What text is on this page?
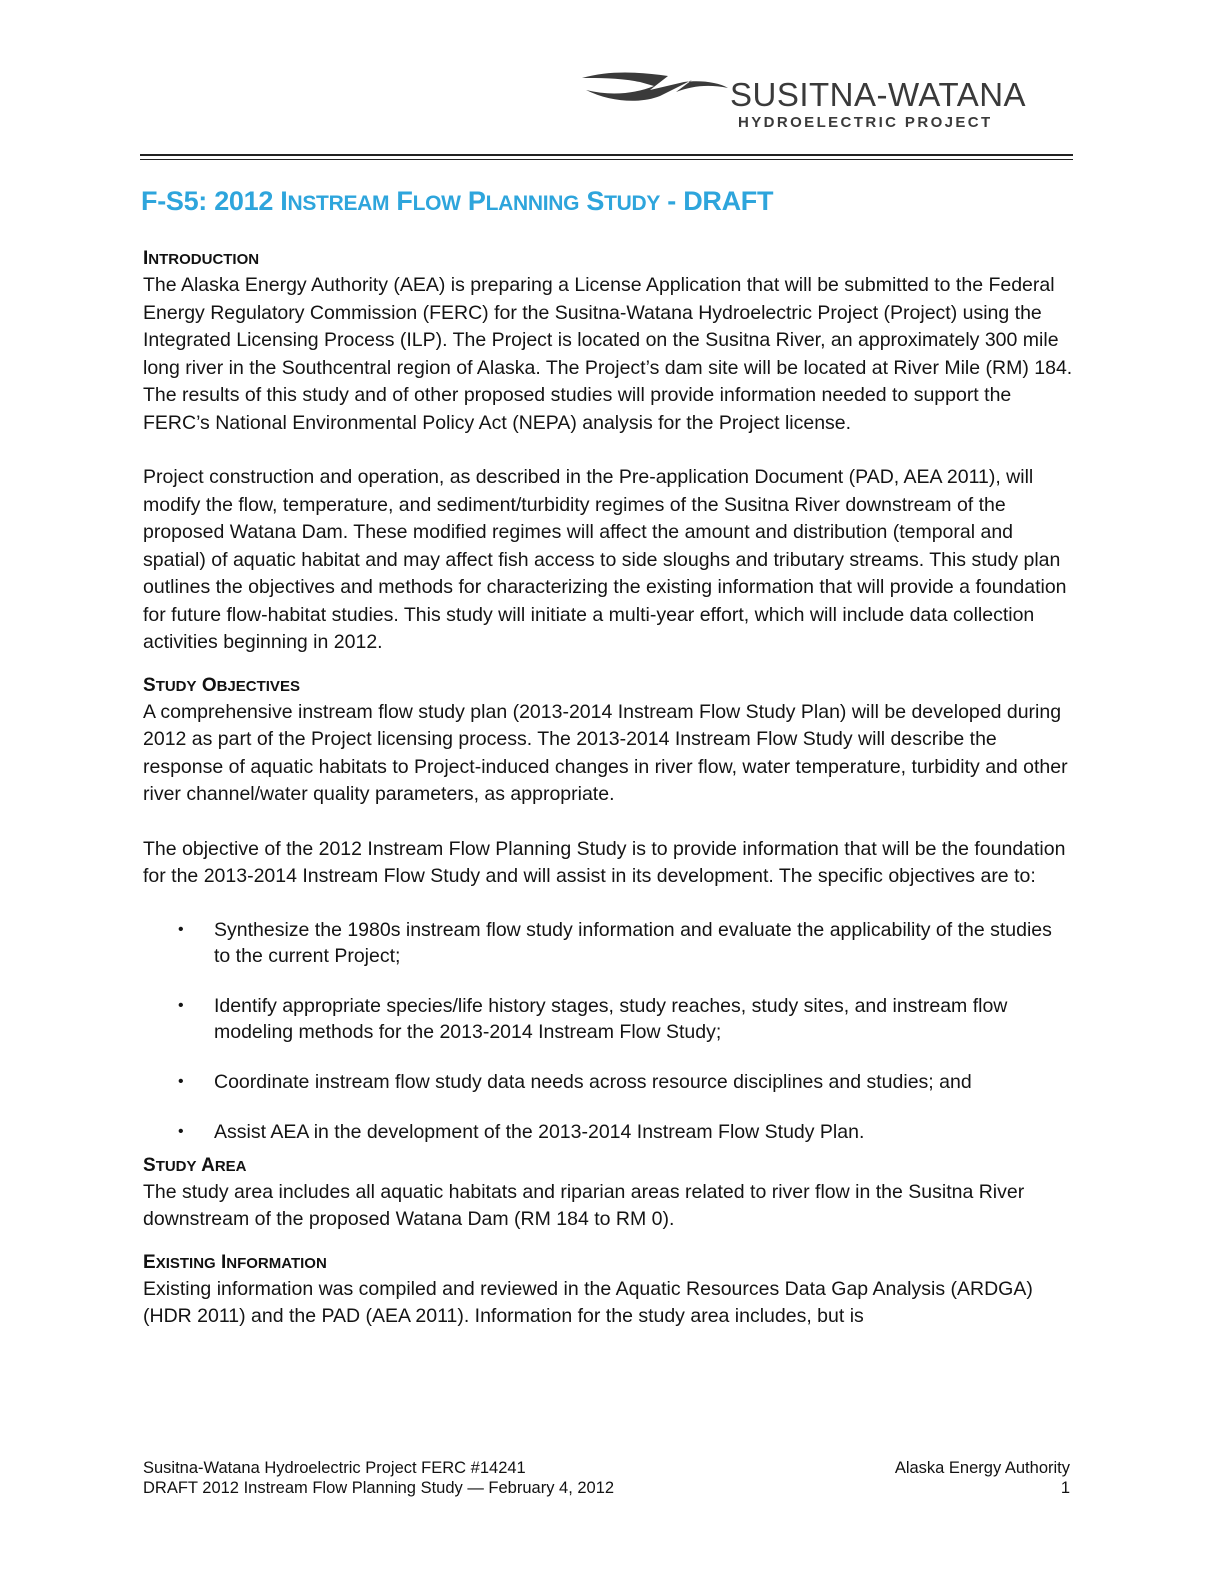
SUSITNA-WATANA
HYDROELECTRIC PROJECT
F-S5: 2012 INSTREAM FLOW PLANNING STUDY - DRAFT
INTRODUCTION

The Alaska Energy Authority (AEA) is preparing a License Application that will be submitted to the Federal Energy Regulatory Commission (FERC) for the Susitna-Watana Hydroelectric Project (Project) using the Integrated Licensing Process (ILP). The Project is located on the Susitna River, an approximately 300 mile long river in the Southcentral region of Alaska. The Project’s dam site will be located at River Mile (RM) 184. The results of this study and of other proposed studies will provide information needed to support the FERC’s National Environmental Policy Act (NEPA) analysis for the Project license.

Project construction and operation, as described in the Pre-application Document (PAD, AEA 2011), will modify the flow, temperature, and sediment/turbidity regimes of the Susitna River downstream of the proposed Watana Dam. These modified regimes will affect the amount and distribution (temporal and spatial) of aquatic habitat and may affect fish access to side sloughs and tributary streams. This study plan outlines the objectives and methods for characterizing the existing information that will provide a foundation for future flow-habitat studies. This study will initiate a multi-year effort, which will include data collection activities beginning in 2012.

STUDY OBJECTIVES

A comprehensive instream flow study plan (2013-2014 Instream Flow Study Plan) will be developed during 2012 as part of the Project licensing process. The 2013-2014 Instream Flow Study will describe the response of aquatic habitats to Project-induced changes in river flow, water temperature, turbidity and other river channel/water quality parameters, as appropriate.

The objective of the 2012 Instream Flow Planning Study is to provide information that will be the foundation for the 2013-2014 Instream Flow Study and will assist in its development. The specific objectives are to:

• Synthesize the 1980s instream flow study information and evaluate the applicability of the studies to the current Project;
• Identify appropriate species/life history stages, study reaches, study sites, and instream flow modeling methods for the 2013-2014 Instream Flow Study;
• Coordinate instream flow study data needs across resource disciplines and studies; and
• Assist AEA in the development of the 2013-2014 Instream Flow Study Plan.
STUDY AREA

The study area includes all aquatic habitats and riparian areas related to river flow in the Susitna River downstream of the proposed Watana Dam (RM 184 to RM 0).

EXISTING INFORMATION

Existing information was compiled and reviewed in the Aquatic Resources Data Gap Analysis (ARDGA) (HDR 2011) and the PAD (AEA 2011). Information for the study area includes, but is

Susitna-Watana Hydroelectric Project FERC #14241	Alaska Energy Authority
DRAFT 2012 Instream Flow Planning Study — February 4, 2012	1
